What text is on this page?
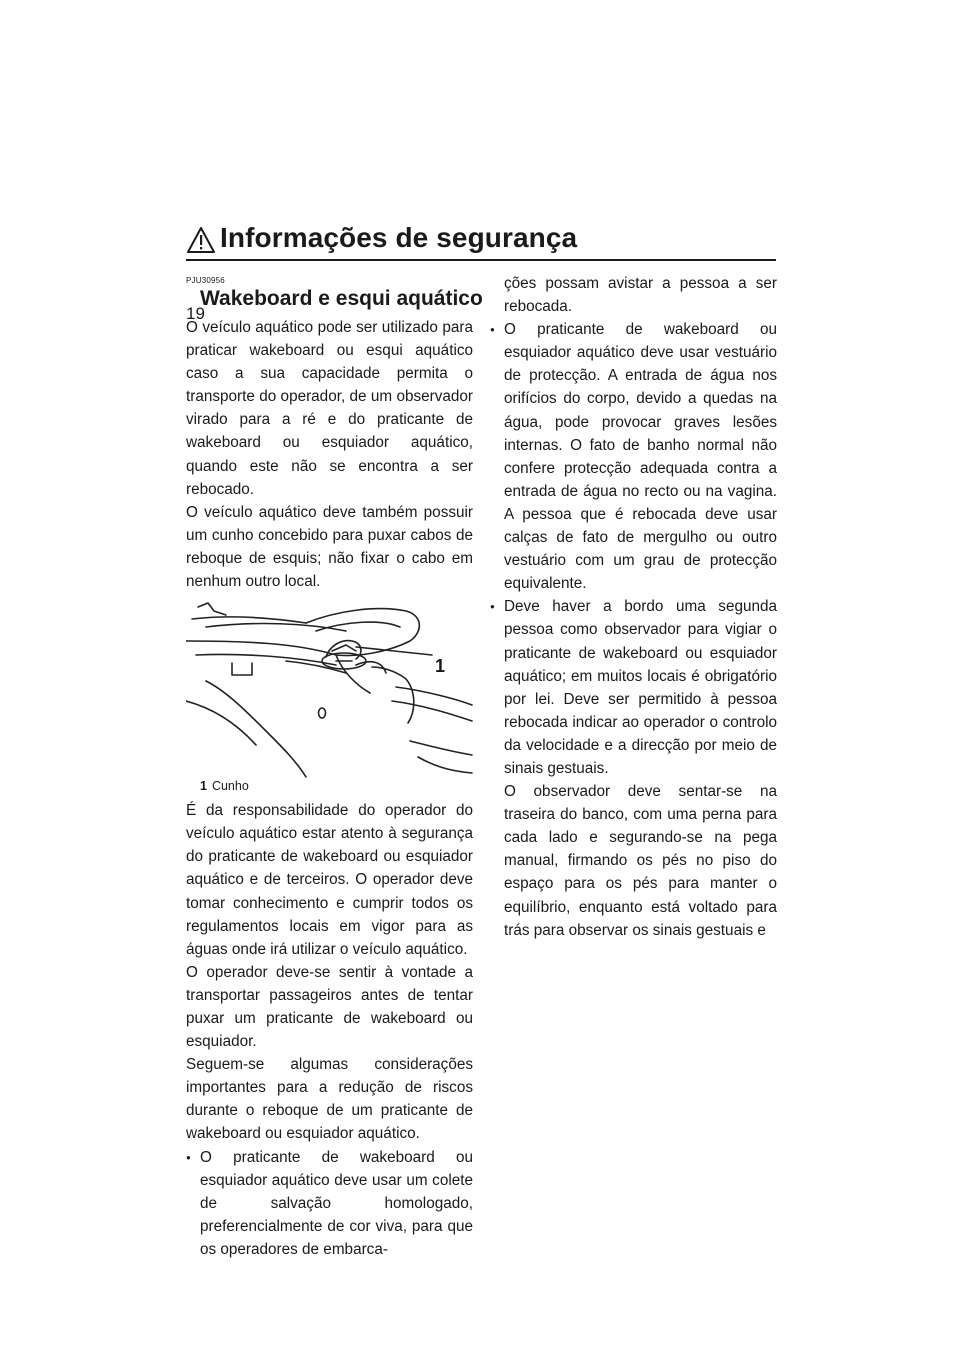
Informações de segurança
19
PJU30956
Wakeboard e esqui aquático

O veículo aquático pode ser utilizado para praticar wakeboard ou esqui aquático caso a sua capacidade permita o transporte do operador, de um observador virado para a ré e do praticante de wakeboard ou esquiador aquático, quando este não se encontra a ser rebocado.

O veículo aquático deve também possuir um cunho concebido para puxar cabos de reboque de esquis; não fixar o cabo em nenhum outro local.

1
1 Cunho

É da responsabilidade do operador do veículo aquático estar atento à segurança do praticante de wakeboard ou esquiador aquático e de terceiros. O operador deve tomar conhecimento e cumprir todos os regulamentos locais em vigor para as águas onde irá utilizar o veículo aquático.

O operador deve-se sentir à vontade a transportar passageiros antes de tentar puxar um praticante de wakeboard ou esquiador.

Seguem-se algumas considerações importantes para a redução de riscos durante o reboque de um praticante de wakeboard ou esquiador aquático.

● O praticante de wakeboard ou esquiador aquático deve usar um colete de salvação homologado, preferencialmente de cor viva, para que os operadores de embarca-
ções possam avistar a pessoa a ser rebocada.
● O praticante de wakeboard ou esquiador aquático deve usar vestuário de protecção. A entrada de água nos orifícios do corpo, devido a quedas na água, pode provocar graves lesões internas. O fato de banho normal não confere protecção adequada contra a entrada de água no recto ou na vagina. A pessoa que é rebocada deve usar calças de fato de mergulho ou outro vestuário com um grau de protecção equivalente.
● Deve haver a bordo uma segunda pessoa como observador para vigiar o praticante de wakeboard ou esquiador aquático; em muitos locais é obrigatório por lei. Deve ser permitido à pessoa rebocada indicar ao operador o controlo da velocidade e a direcção por meio de sinais gestuais.
O observador deve sentar-se na traseira do banco, com uma perna para cada lado e segurando-se na pega manual, firmando os pés no piso do espaço para os pés para manter o equilíbrio, enquanto está voltado para trás para observar os sinais gestuais e
